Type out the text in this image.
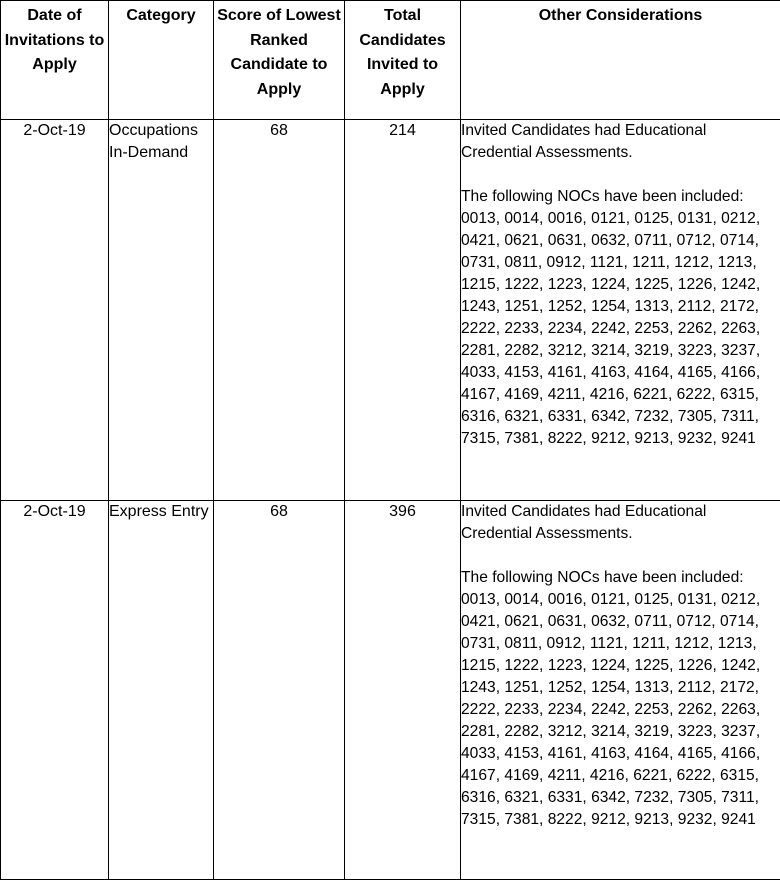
Date of Invitations to Apply	Category	Score of Lowest Ranked Candidate to Apply	Total Candidates Invited to Apply	Other Considerations

2-Oct-19	Occupations In-Demand	68	214	Invited Candidates had Educational Credential Assessments.

The following NOCs have been included:

0013, 0014, 0016, 0121, 0125, 0131, 0212, 0421, 0621, 0631, 0632, 0711, 0712, 0714, 0731, 0811, 0912, 1121, 1211, 1212, 1213, 1215, 1222, 1223, 1224, 1225, 1226, 1242, 1243, 1251, 1252, 1254, 1313, 2112, 2172, 2222, 2233, 2234, 2242, 2253, 2262, 2263, 2281, 2282, 3212, 3214, 3219, 3223, 3237, 4033, 4153, 4161, 4163, 4164, 4165, 4166, 4167, 4169, 4211, 4216, 6221, 6222, 6315, 6316, 6321, 6331, 6342, 7232, 7305, 7311, 7315, 7381, 8222, 9212, 9213, 9232, 9241

2-Oct-19	Express Entry	68	396	Invited Candidates had Educational Credential Assessments.

The following NOCs have been included:

0013, 0014, 0016, 0121, 0125, 0131, 0212, 0421, 0621, 0631, 0632, 0711, 0712, 0714, 0731, 0811, 0912, 1121, 1211, 1212, 1213, 1215, 1222, 1223, 1224, 1225, 1226, 1242, 1243, 1251, 1252, 1254, 1313, 2112, 2172, 2222, 2233, 2234, 2242, 2253, 2262, 2263, 2281, 2282, 3212, 3214, 3219, 3223, 3237, 4033, 4153, 4161, 4163, 4164, 4165, 4166, 4167, 4169, 4211, 4216, 6221, 6222, 6315, 6316, 6321, 6331, 6342, 7232, 7305, 7311, 7315, 7381, 8222, 9212, 9213, 9232, 9241
